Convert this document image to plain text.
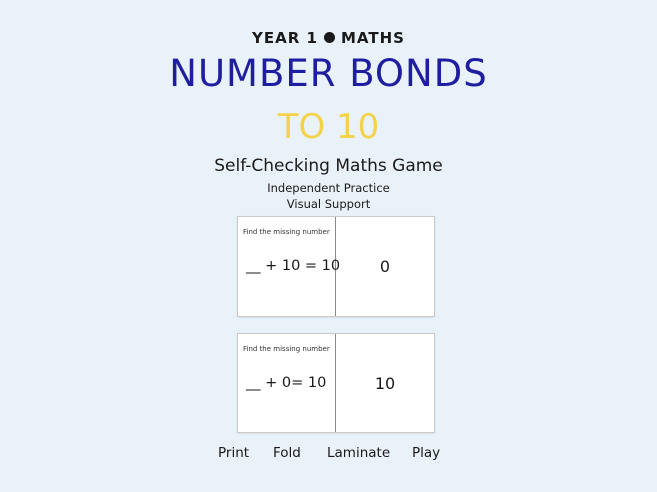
YEAR 1 MATHS
NUMBER BONDS
TO 10
Self-Checking Maths Game
Independent Practice
Visual Support
Find the missing number
__ + 10 = 10	0
Find the missing number
__ + 0= 10	10
Print Fold Laminate Play
